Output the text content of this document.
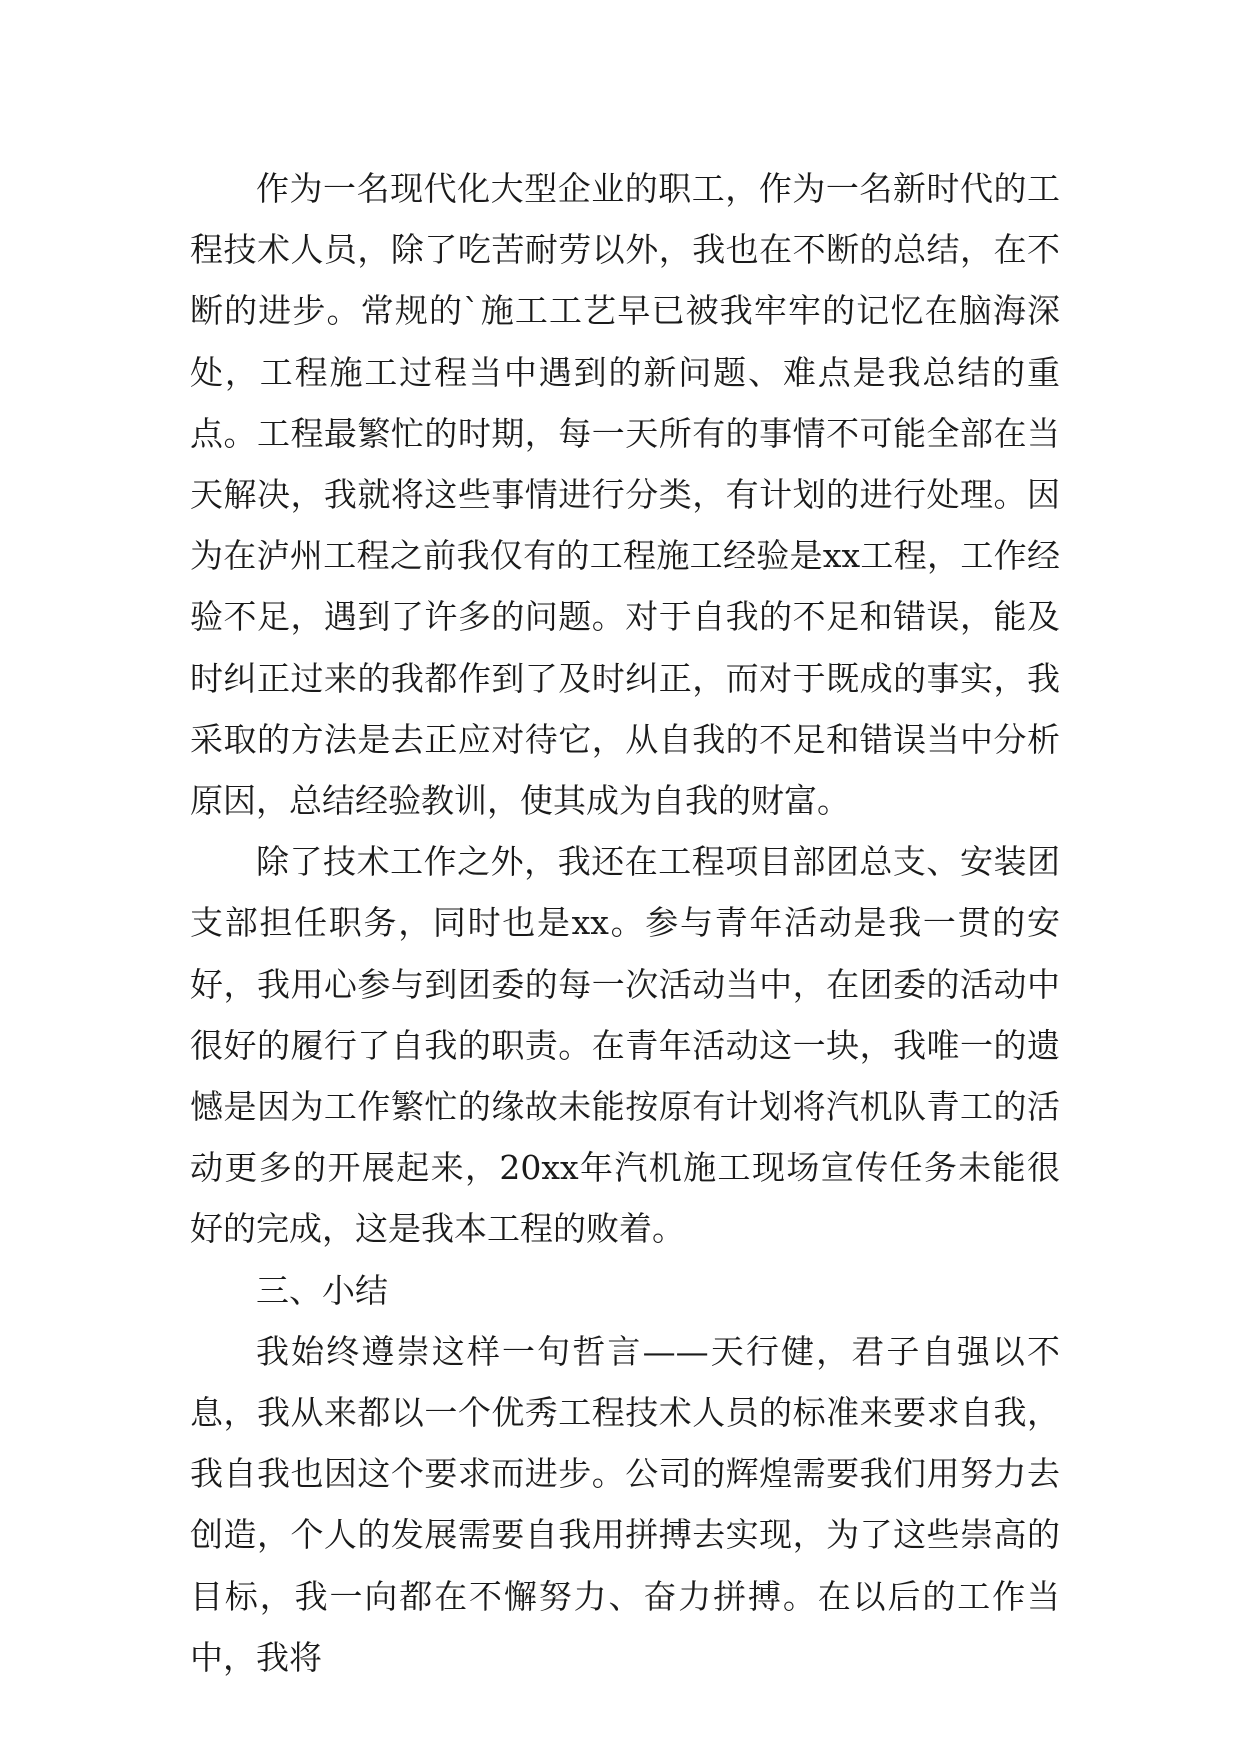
作为一名现代化大型企业的职工，作为一名新时代的工程技术人员，除了吃苦耐劳以外，我也在不断的总结，在不断的进步。常规的`施工工艺早已被我牢牢的记忆在脑海深处，工程施工过程当中遇到的新问题、难点是我总结的重点。工程最繁忙的时期，每一天所有的事情不可能全部在当天解决，我就将这些事情进行分类，有计划的进行处理。因为在泸州工程之前我仅有的工程施工经验是xx工程，工作经验不足，遇到了许多的问题。对于自我的不足和错误，能及时纠正过来的我都作到了及时纠正，而对于既成的事实，我采取的方法是去正应对待它，从自我的不足和错误当中分析原因，总结经验教训，使其成为自我的财富。

除了技术工作之外，我还在工程项目部团总支、安装团支部担任职务，同时也是xx。参与青年活动是我一贯的安好，我用心参与到团委的每一次活动当中，在团委的活动中很好的履行了自我的职责。在青年活动这一块，我唯一的遗憾是因为工作繁忙的缘故未能按原有计划将汽机队青工的活动更多的开展起来，20xx年汽机施工现场宣传任务未能很好的完成，这是我本工程的败着。

三、小结

我始终遵崇这样一句哲言——天行健，君子自强以不息，我从来都以一个优秀工程技术人员的标准来要求自我，我自我也因这个要求而进步。公司的辉煌需要我们用努力去创造，个人的发展需要自我用拼搏去实现，为了这些崇高的目标，我一向都在不懈努力、奋力拼搏。在以后的工作当中，我将
